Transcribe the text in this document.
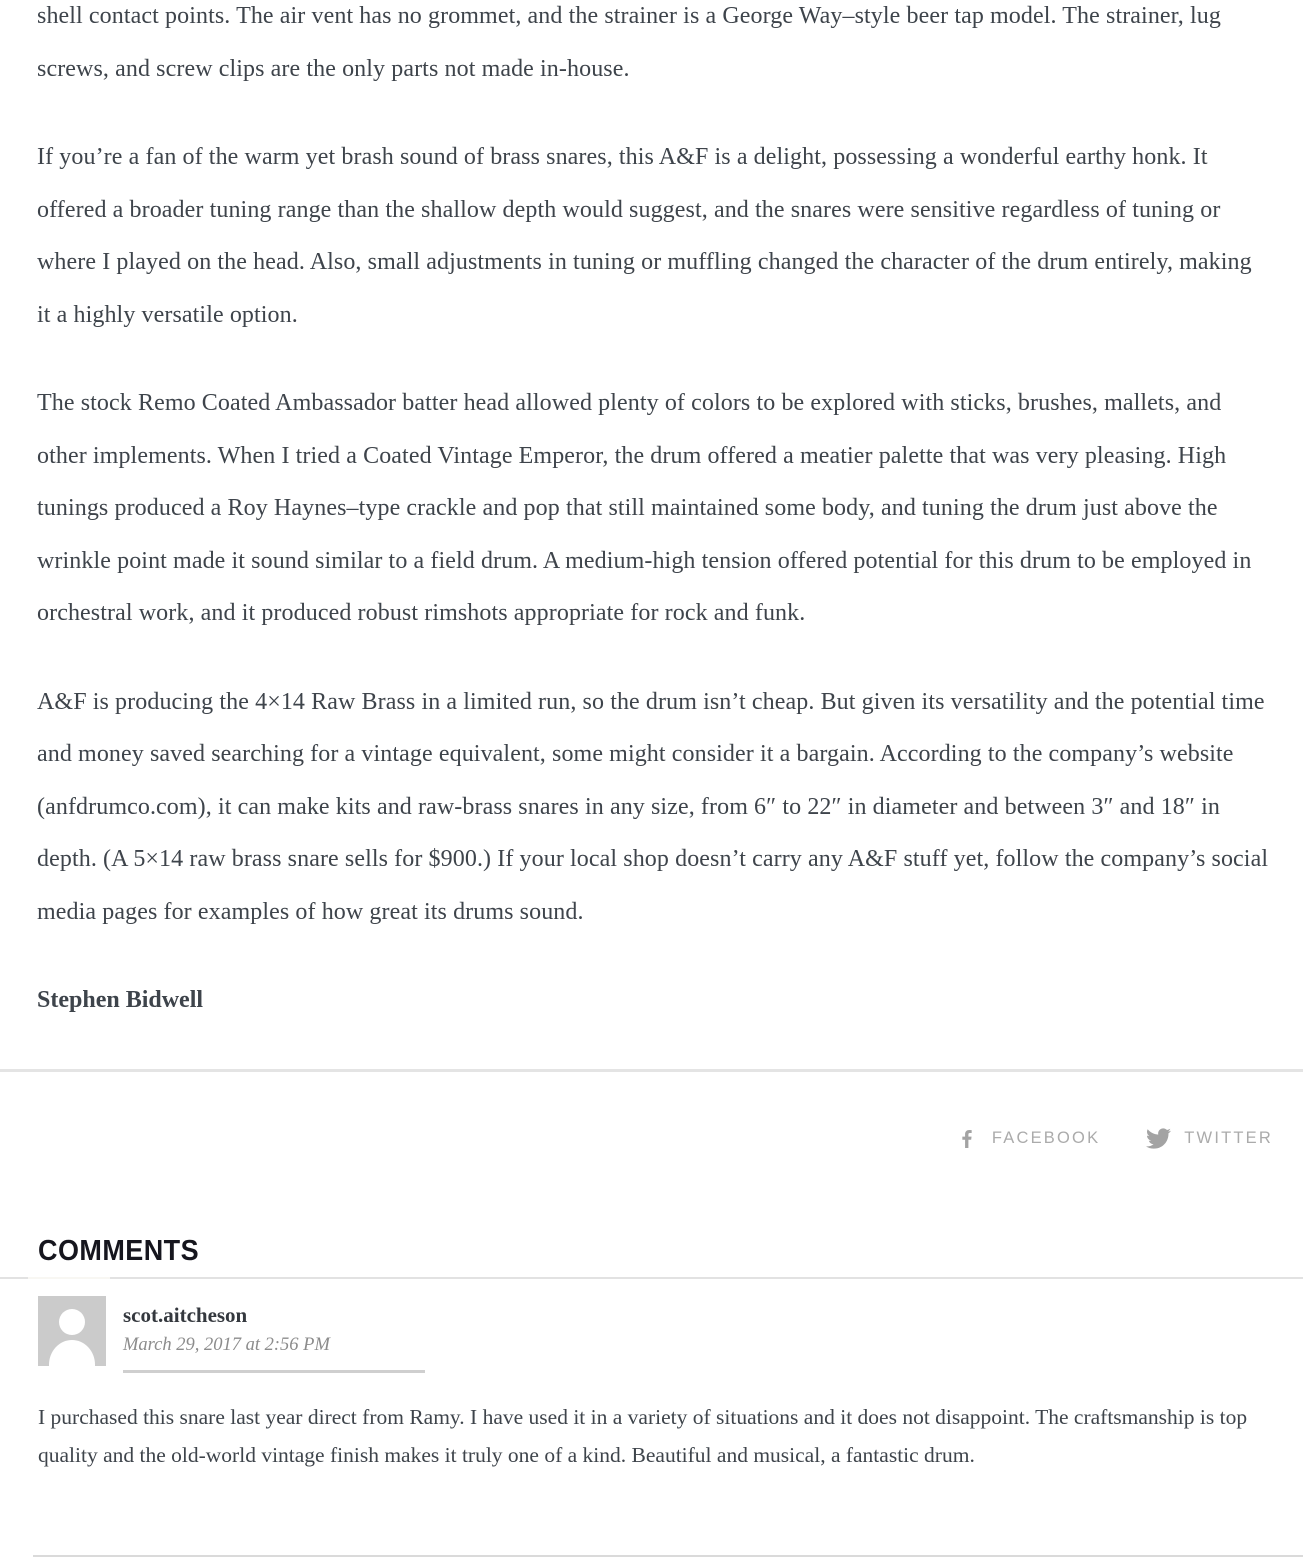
shell contact points. The air vent has no grommet, and the strainer is a George Way–style beer tap model. The strainer, lug screws, and screw clips are the only parts not made in-house.

If you’re a fan of the warm yet brash sound of brass snares, this A&F is a delight, possessing a wonderful earthy honk. It offered a broader tuning range than the shallow depth would suggest, and the snares were sensitive regardless of tuning or where I played on the head. Also, small adjustments in tuning or muffling changed the character of the drum entirely, making it a highly versatile option.

The stock Remo Coated Ambassador batter head allowed plenty of colors to be explored with sticks, brushes, mallets, and other implements. When I tried a Coated Vintage Emperor, the drum offered a meatier palette that was very pleasing. High tunings produced a Roy Haynes–type crackle and pop that still maintained some body, and tuning the drum just above the wrinkle point made it sound similar to a field drum. A medium-high tension offered potential for this drum to be employed in orchestral work, and it produced robust rimshots appropriate for rock and funk.

A&F is producing the 4×14 Raw Brass in a limited run, so the drum isn’t cheap. But given its versatility and the potential time and money saved searching for a vintage equivalent, some might consider it a bargain. According to the company’s website (anfdrumco.com), it can make kits and raw-brass snares in any size, from 6″ to 22″ in diameter and between 3″ and 18″ in depth. (A 5×14 raw brass snare sells for $900.) If your local shop doesn’t carry any A&F stuff yet, follow the company’s social media pages for examples of how great its drums sound.

Stephen Bidwell

FACEBOOK	TWITTER
COMMENTS
scot.aitcheson
March 29, 2017 at 2:56 PM

I purchased this snare last year direct from Ramy. I have used it in a variety of situations and it does not disappoint. The craftsmanship is top quality and the old-world vintage finish makes it truly one of a kind. Beautiful and musical, a fantastic drum.
